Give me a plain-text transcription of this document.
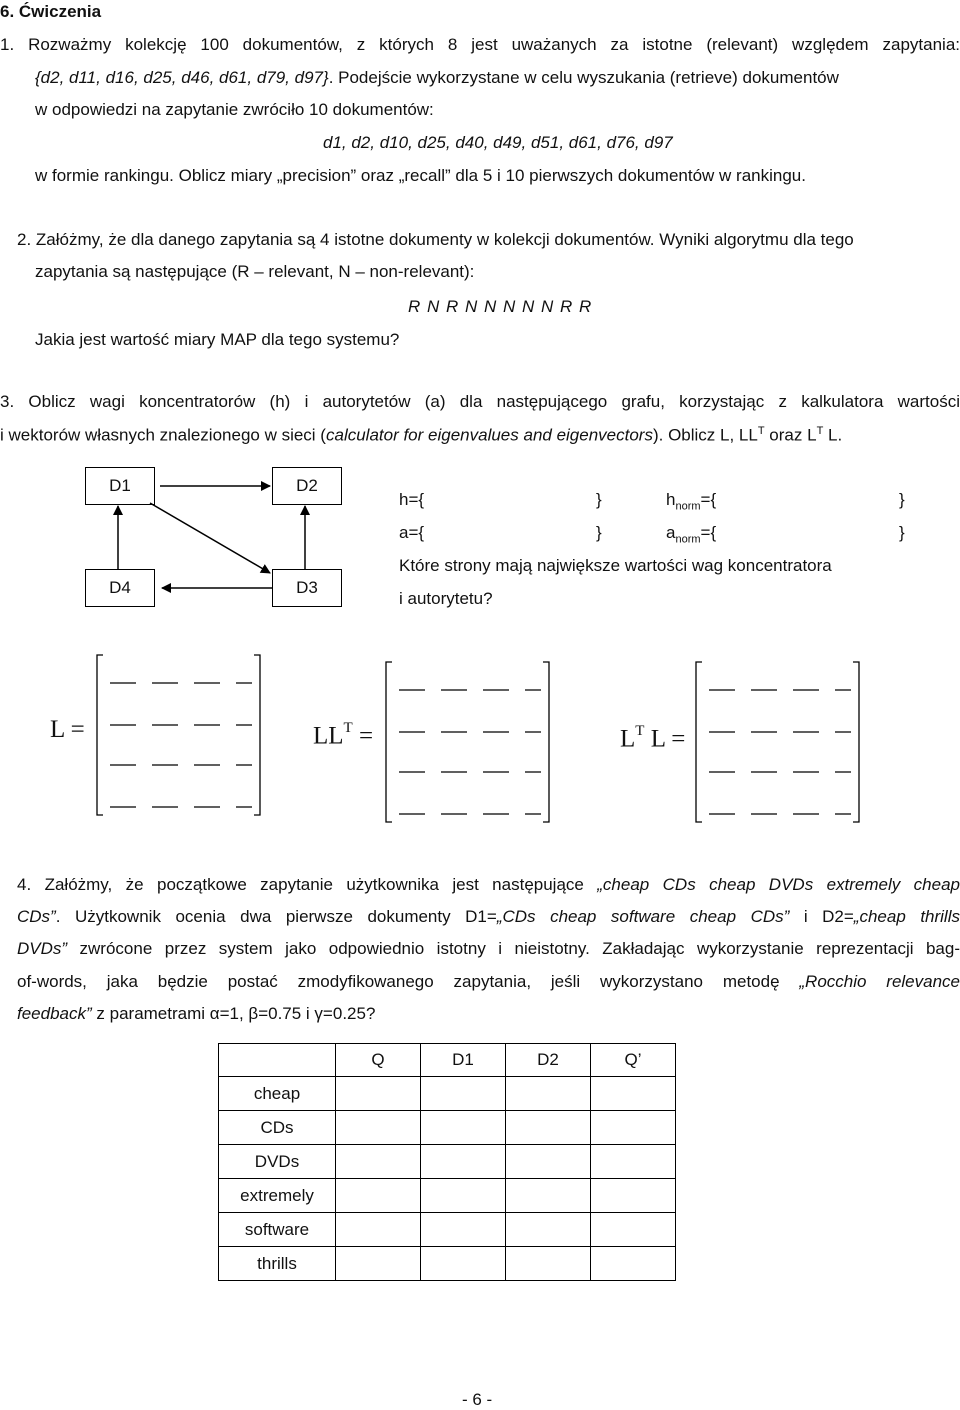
6. Ćwiczenia
1. Rozważmy kolekcję 100 dokumentów, z których 8 jest uważanych za istotne (relevant) względem zapytania:
{d2, d11, d16, d25, d46, d61, d79, d97}. Podejście wykorzystane w celu wyszukania (retrieve) dokumentów
w odpowiedzi na zapytanie zwróciło 10 dokumentów:
d1, d2, d10, d25, d40, d49, d51, d61, d76, d97
w formie rankingu. Oblicz miary „precision” oraz „recall” dla 5 i 10 pierwszych dokumentów w rankingu.
2. Załóżmy, że dla danego zapytania są 4 istotne dokumenty w kolekcji dokumentów. Wyniki algorytmu dla tego
zapytania są następujące (R – relevant, N – non-relevant):
R N R N N N N N R R
Jakia jest wartość miary MAP dla tego systemu?
3. Oblicz wagi koncentratorów (h) i autorytetów (a) dla następującego grafu, korzystając z kalkulatora wartości
i wektorów własnych znalezionego w sieci (calculator for eigenvalues and eigenvectors). Oblicz L, $LL^T$ oraz $L^T$ L.
D1	D2
D4	D3
h={	}	$h_{norm}=${	}
a={	}	$a_{norm}=${	}
Które strony mają największe wartości wag koncentratora
i autorytetu?
L =	$LL^T$ =	$L^T$ L =
4. Załóżmy, że początkowe zapytanie użytkownika jest następujące „cheap CDs cheap DVDs extremely cheap
CDs”. Użytkownik ocenia dwa pierwsze dokumenty D1=„CDs cheap software cheap CDs” i D2=„cheap thrills
DVDs” zwrócone przez system jako odpowiednio istotny i nieistotny. Zakładając wykorzystanie reprezentacji bag-
of-words, jaka będzie postać zmodyfikowanego zapytania, jeśli wykorzystano metodę „Rocchio relevance
feedback” z parametrami α=1, β=0.75 i γ=0.25?
	Q	D1	D2	Q’
cheap				
CDs				
DVDs				
extremely				
software				
thrills				
- 6 -
